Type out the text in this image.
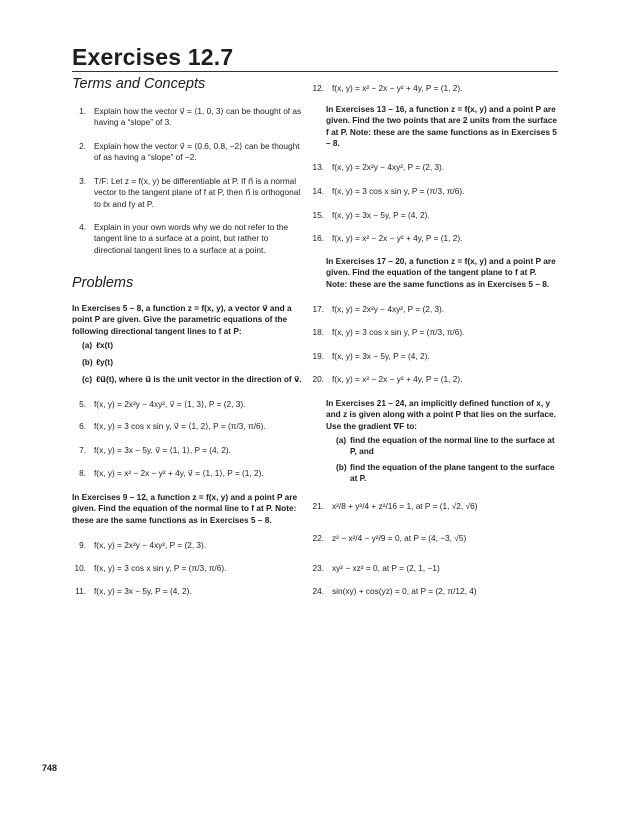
Exercises 12.7
Terms and Concepts
1. Explain how the vector v⃗ = ⟨1, 0, 3⟩ can be thought of as having a “slope” of 3.
2. Explain how the vector v⃗ = ⟨0.6, 0.8, −2⟩ can be thought of as having a “slope” of −2.
3. T/F: Let z = f(x, y) be differentiable at P. If n⃗ is a normal vector to the tangent plane of f at P, then n⃗ is orthogonal to ℓx and ℓy at P.
4. Explain in your own words why we do not refer to the tangent line to a surface at a point, but rather to directional tangent lines to a surface at a point.
Problems
In Exercises 5 – 8, a function z = f(x, y), a vector v⃗ and a point P are given. Give the parametric equations of the following directional tangent lines to f at P:
(a) ℓx(t)
(b) ℓy(t)
(c) ℓu⃗(t), where u⃗ is the unit vector in the direction of v⃗.
5. f(x, y) = 2x²y − 4xy², v⃗ = ⟨1, 3⟩, P = (2, 3).
6. f(x, y) = 3 cos x sin y, v⃗ = ⟨1, 2⟩, P = (π/3, π/6).
7. f(x, y) = 3x − 5y, v⃗ = ⟨1, 1⟩, P = (4, 2).
8. f(x, y) = x² − 2x − y² + 4y, v⃗ = ⟨1, 1⟩, P = (1, 2).
In Exercises 9 – 12, a function z = f(x, y) and a point P are given. Find the equation of the normal line to f at P. Note: these are the same functions as in Exercises 5 – 8.
9. f(x, y) = 2x²y − 4xy², P = (2, 3).
10. f(x, y) = 3 cos x sin y, P = (π/3, π/6).
11. f(x, y) = 3x − 5y, P = (4, 2).
12. f(x, y) = x² − 2x − y² + 4y, P = (1, 2).
In Exercises 13 – 16, a function z = f(x, y) and a point P are given. Find the two points that are 2 units from the surface f at P. Note: these are the same functions as in Exercises 5 – 8.
13. f(x, y) = 2x²y − 4xy², P = (2, 3).
14. f(x, y) = 3 cos x sin y, P = (π/3, π/6).
15. f(x, y) = 3x − 5y, P = (4, 2).
16. f(x, y) = x² − 2x − y² + 4y, P = (1, 2).
In Exercises 17 – 20, a function z = f(x, y) and a point P are given. Find the equation of the tangent plane to f at P. Note: these are the same functions as in Exercises 5 – 8.
17. f(x, y) = 2x²y − 4xy², P = (2, 3).
18. f(x, y) = 3 cos x sin y, P = (π/3, π/6).
19. f(x, y) = 3x − 5y, P = (4, 2).
20. f(x, y) = x² − 2x − y² + 4y, P = (1, 2).
In Exercises 21 – 24, an implicitly defined function of x, y and z is given along with a point P that lies on the surface. Use the gradient ∇F to:
(a) find the equation of the normal line to the surface at P, and
(b) find the equation of the plane tangent to the surface at P.
21. x²/8 + y²/4 + z²/16 = 1, at P = (1, √2, √6)
22. z² − x²/4 − y²/9 = 0, at P = (4, −3, √5)
23. xy² − xz² = 0, at P = (2, 1, −1)
24. sin(xy) + cos(yz) = 0, at P = (2, π/12, 4)
748
